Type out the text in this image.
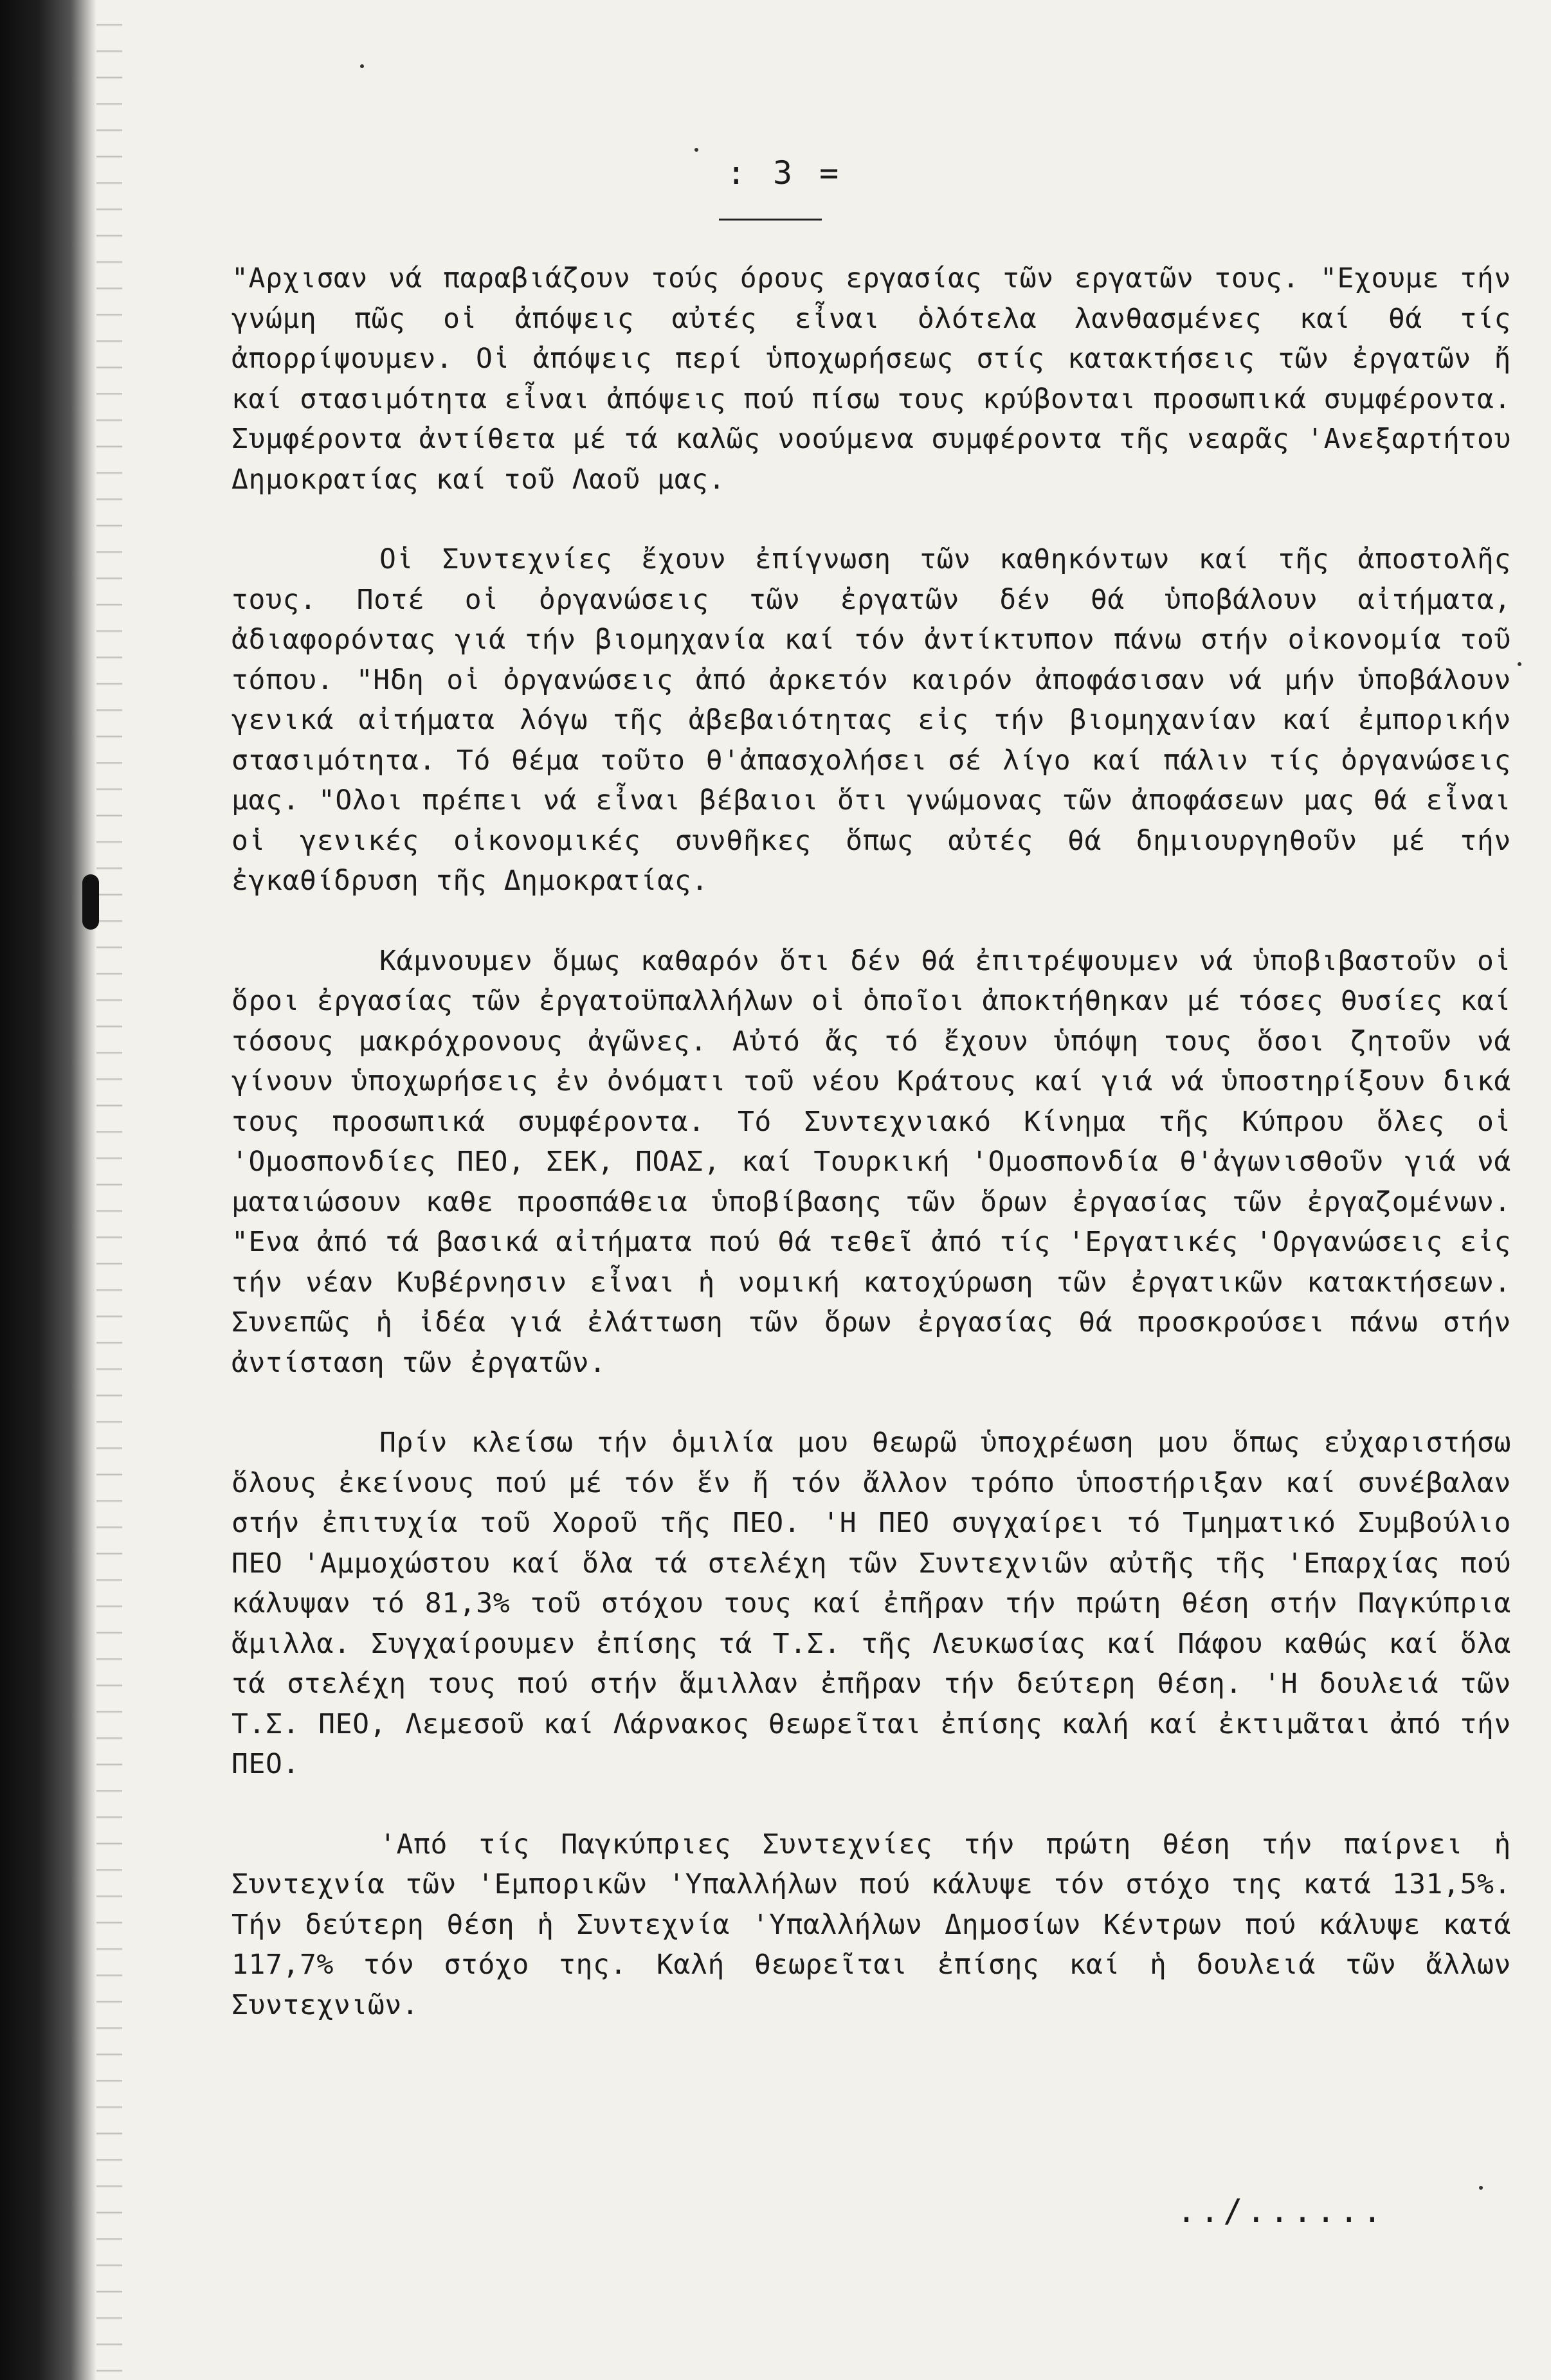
: 3 =

"Αρχισαν νά παραβιάζουν τούς όρους εργασίας τῶν εργατῶν τους. "Εχουμε τήν γνώμη πῶς οἱ ἀπόψεις αὐτές εἶναι ὁλότελα λανθασμένες καί θά τίς ἀπορρίψουμεν. Οἱ ἀπόψεις περί ὑποχωρήσεως στίς κατακτήσεις τῶν ἐργατῶν ἤ καί στασιμότητα εἶναι ἀπόψεις πού πίσω τους κρύβονται προσωπικά συμφέροντα. Συμφέροντα ἀντίθετα μέ τά καλῶς νοούμενα συμφέροντα τῆς νεαρᾶς 'Ανεξαρτήτου Δημοκρατίας καί τοῦ Λαοῦ μας.

Οἱ Συντεχνίες ἔχουν ἐπίγνωση τῶν καθηκόντων καί τῆς ἀποστολῆς τους. Ποτέ οἱ ὀργανώσεις τῶν ἐργατῶν δέν θά ὑποβάλουν αἰτήματα, ἀδιαφορόντας γιά τήν βιομηχανία καί τόν ἀντίκτυπον πάνω στήν οἰκονομία τοῦ τόπου. "Ηδη οἱ ὀργανώσεις ἀπό ἀρκετόν καιρόν ἀποφάσισαν νά μήν ὑποβάλουν γενικά αἰτήματα λόγω τῆς ἀβεβαιότητας εἰς τήν βιομηχανίαν καί ἐμπορικήν στασιμότητα. Τό θέμα τοῦτο θ'ἀπασχολήσει σέ λίγο καί πάλιν τίς ὀργανώσεις μας. "Ολοι πρέπει νά εἶναι βέβαιοι ὅτι γνώμονας τῶν ἀποφάσεων μας θά εἶναι οἱ γενικές οἰκονομικές συνθῆκες ὅπως αὐτές θά δημιουργηθοῦν μέ τήν ἐγκαθίδρυση τῆς Δημοκρατίας.

Κάμνουμεν ὅμως καθαρόν ὅτι δέν θά ἐπιτρέψουμεν νά ὑποβιβαστοῦν οἱ ὅροι ἐργασίας τῶν ἐργατοϋπαλλήλων οἱ ὁποῖοι ἀποκτήθηκαν μέ τόσες θυσίες καί τόσους μακρόχρονους ἀγῶνες. Αὐτό ἄς τό ἔχουν ὑπόψη τους ὅσοι ζητοῦν νά γίνουν ὑποχωρήσεις ἐν ὀνόματι τοῦ νέου Κράτους καί γιά νά ὑποστηρίξουν δικά τους προσωπικά συμφέροντα. Τό Συντεχνιακό Κίνημα τῆς Κύπρου ὅλες οἱ 'Ομοσπονδίες ΠΕΟ, ΣΕΚ, ΠΟΑΣ, καί Τουρκική 'Ομοσπονδία θ'ἀγωνισθοῦν γιά νά ματαιώσουν καθε προσπάθεια ὑποβίβασης τῶν ὅρων ἐργασίας τῶν ἐργαζομένων. "Ενα ἀπό τά βασικά αἰτήματα πού θά τεθεῖ ἀπό τίς 'Εργατικές 'Οργανώσεις εἰς τήν νέαν Κυβέρνησιν εἶναι ἡ νομική κατοχύρωση τῶν ἐργατικῶν κατακτήσεων. Συνεπῶς ἡ ἰδέα γιά ἐλάττωση τῶν ὅρων ἐργασίας θά προσκρούσει πάνω στήν ἀντίσταση τῶν ἐργατῶν.

Πρίν κλείσω τήν ὁμιλία μου θεωρῶ ὑποχρέωση μου ὅπως εὐχαριστήσω ὅλους ἐκείνους πού μέ τόν ἕν ἤ τόν ἄλλον τρόπο ὑποστήριξαν καί συνέβαλαν στήν ἐπιτυχία τοῦ Χοροῦ τῆς ΠΕΟ. 'Η ΠΕΟ συγχαίρει τό Τμηματικό Συμβούλιο ΠΕΟ 'Αμμοχώστου καί ὅλα τά στελέχη τῶν Συντεχνιῶν αὐτῆς τῆς 'Επαρχίας πού κάλυψαν τό 81,3% τοῦ στόχου τους καί ἐπῆραν τήν πρώτη θέση στήν Παγκύπρια ἅμιλλα. Συγχαίρουμεν ἐπίσης τά Τ.Σ. τῆς Λευκωσίας καί Πάφου καθώς καί ὅλα τά στελέχη τους πού στήν ἅμιλλαν ἐπῆραν τήν δεύτερη θέση. 'Η δουλειά τῶν Τ.Σ. ΠΕΟ, Λεμεσοῦ καί Λάρνακος θεωρεῖται ἐπίσης καλή καί ἐκτιμᾶται ἀπό τήν ΠΕΟ.

'Από τίς Παγκύπριες Συντεχνίες τήν πρώτη θέση τήν παίρνει ἡ Συντεχνία τῶν 'Εμπορικῶν 'Υπαλλήλων πού κάλυψε τόν στόχο της κατά 131,5%. Τήν δεύτερη θέση ἡ Συντεχνία 'Υπαλλήλων Δημοσίων Κέντρων πού κάλυψε κατά 117,7% τόν στόχο της. Καλή θεωρεῖται ἐπίσης καί ἡ δουλειά τῶν ἄλλων Συντεχνιῶν.

../......
